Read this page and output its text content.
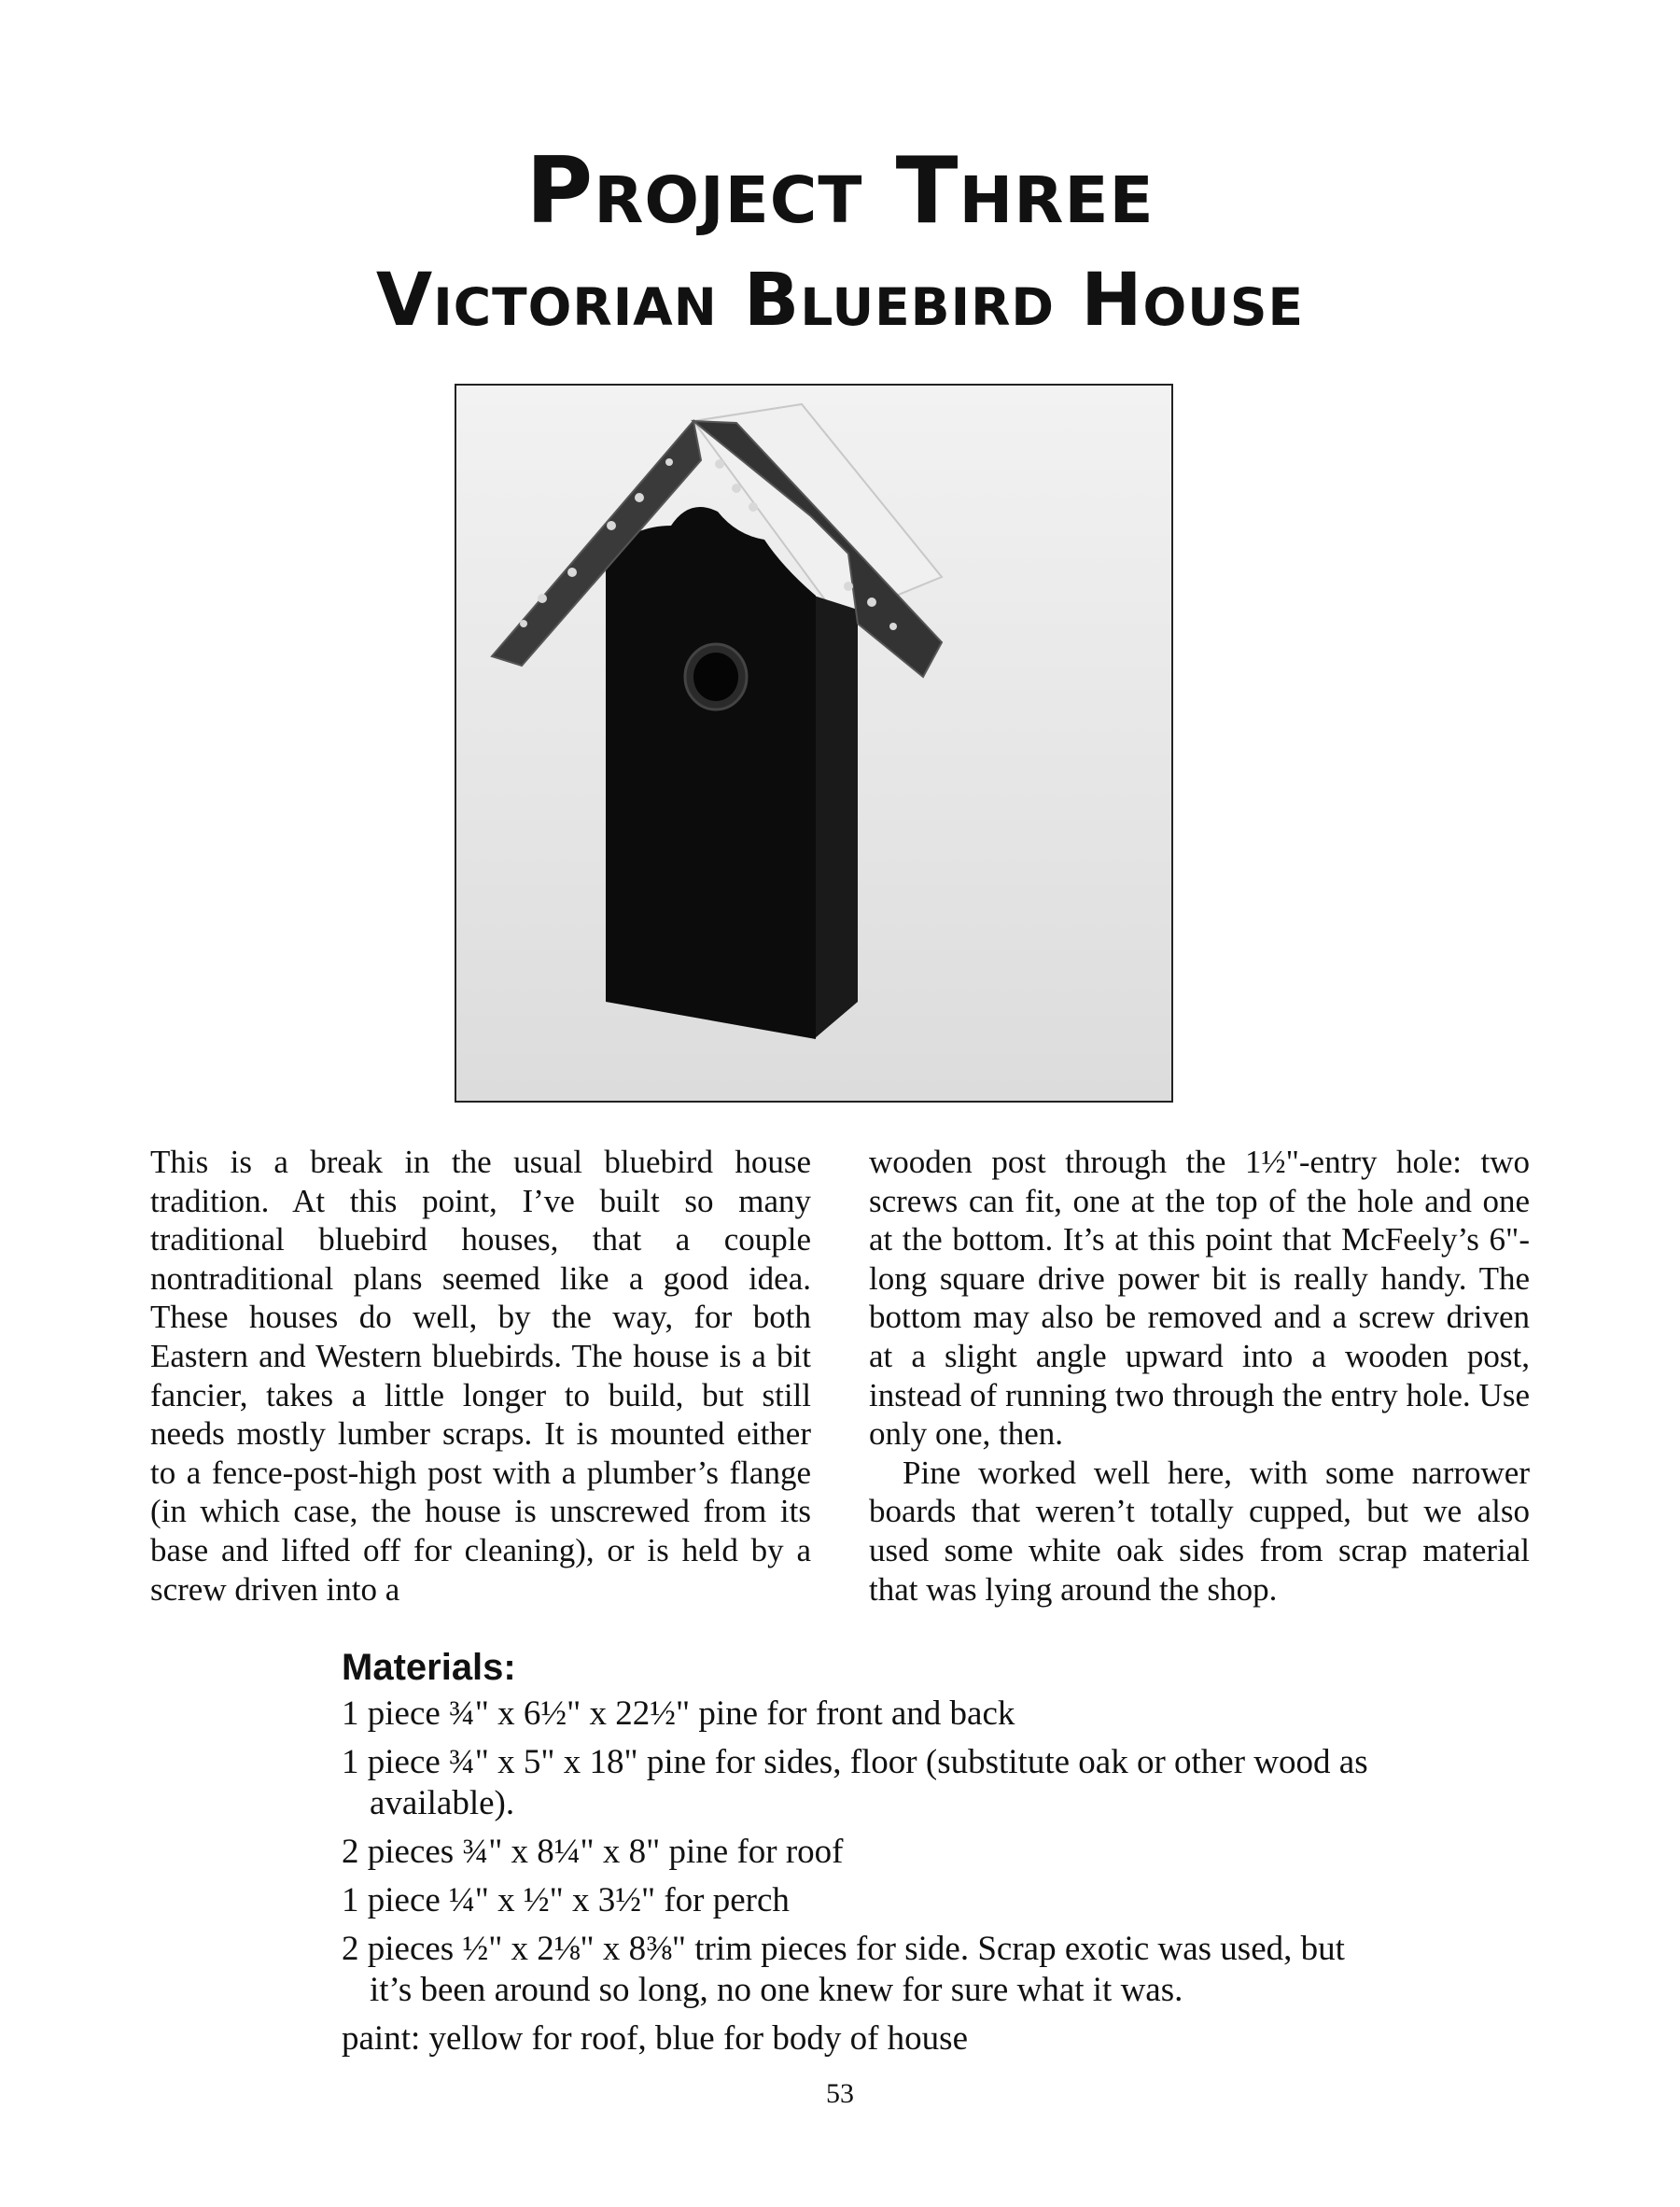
Project Three
Victorian Bluebird House

This is a break in the usual bluebird house tradition. At this point, I’ve built so many traditional bluebird houses, that a couple nontraditional plans seemed like a good idea. These houses do well, by the way, for both Eastern and Western bluebirds. The house is a bit fancier, takes a little longer to build, but still needs mostly lumber scraps. It is mounted either to a fence-post-high post with a plumber’s flange (in which case, the house is unscrewed from its base and lifted off for cleaning), or is held by a screw driven into a

wooden post through the 1½"-entry hole: two screws can fit, one at the top of the hole and one at the bottom. It’s at this point that McFeely’s 6"-long square drive power bit is really handy. The bottom may also be removed and a screw driven at a slight angle upward into a wooden post, instead of running two through the entry hole. Use only one, then.

Pine worked well here, with some narrower boards that weren’t totally cupped, but we also used some white oak sides from scrap material that was lying around the shop.

Materials:
1 piece ¾" x 6½" x 22½" pine for front and back
1 piece ¾" x 5" x 18" pine for sides, floor (substitute oak or other wood as available).
2 pieces ¾" x 8¼" x 8" pine for roof
1 piece ¼" x ½" x 3½" for perch
2 pieces ½" x 2⅛" x 8⅜" trim pieces for side. Scrap exotic was used, but it’s been around so long, no one knew for sure what it was.
paint: yellow for roof, blue for body of house
53
